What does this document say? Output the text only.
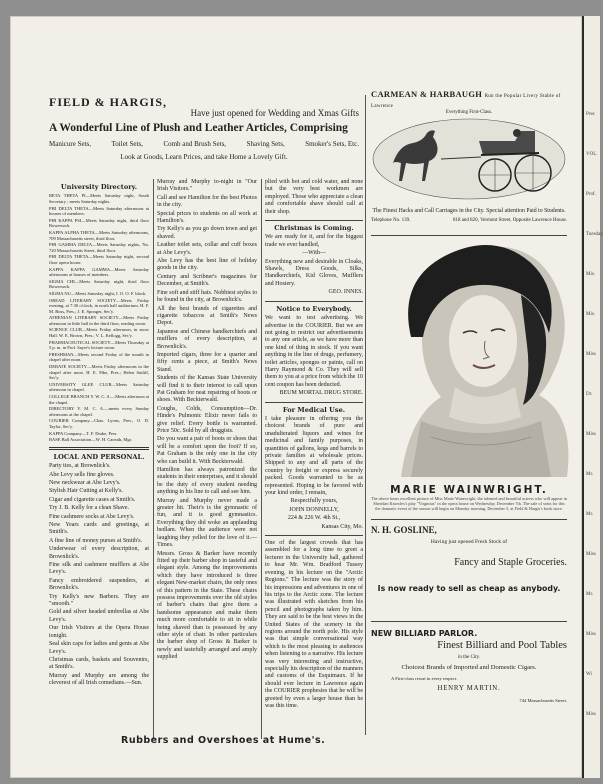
FIELD & HARGIS,
Have just opened for Wedding and Xmas Gifts
A Wonderful Line of Plush and Leather Articles, Comprising
Manicure Sets,	Toilet Sets,	Comb and Brush Sets,	Shaving Sets,	Smoker's Sets, Etc.
Look at Goods, Learn Prices, and take Home a Lovely Gift.
University Directory.

BETA THETA PI—Meets Saturday night, South Secretary ; meets Saturday nights.

PHI DELTA THETA—Meets Saturday afternoons at houses of members.

PHI KAPPA PSI—Meets Saturday night, third floor Bowersock.

KAPPA ALPHA THETA—Meets Saturday afternoons, 709 Massachusetts street, third floor.

PHI GAMMA DELTA—Meets Saturday nights, No. 720 Massachusetts Street, third floor.

PHI DELTA THETA—Meets Saturday night, second floor opera house.

KAPPA KAPPA GAMMA—Meets Saturday afternoons at houses of members.

SIGMA CHI—Meets Saturday night, third floor Bowersock.

SIGMA NU—Meets Saturday night, I. O. O. F. block.

OREAD LITERARY SOCIETY—Meets Friday evening, at 7:30 o'clock, in north hall auditorium. H. F. M. Boss, Pres.; J. E. Sponger, Sec'y.

ATHENIAN LITERARY SOCIETY—Meets Friday afternoon in little hall in the third floor, reading room.

SCIENCE CLUB—Meets Friday afternoon, in snow Hall. W. E. Brown, Pres.; V. L. Kellogg, Sec'y.

PHARMACEUTICAL SOCIETY—Meets Thursday at 5 p. m. in Prof. Sayre's lecture room.

FRESHMAN—Meets second Friday of the month in chapel after noon.

DEBATE SOCIETY—Meets Friday afternoons in the chapel after noon. H. E. Pike, Pres.; Helen Sutliff, Sec'y.

UNIVERSITY GLEE CLUB—Meets Saturday afternoon in chapel.

COLLEGE BRANCH Y. W. C. A.—Meets afternoon at the chapel.

DIRECTORY Y. M. C. A.—meets every Sunday afternoons at the chapel.

COURIER Company—Chas. Lyons, Pres.; O. D. Taylor, Sec'y.

KAPPA Company—T. F. Drake, Pres.

BASE Ball Association—W. H. Carruth, Mgr.

LOCAL AND PERSONAL.

Party ties, at Brownlick's.

Abe Levy sells fine gloves.

New neckwear at Abe Levy's.

Stylish Hair Cutting at Kelly's.

Cigar and cigarette cases at Smith's.

Try J. B. Kelly for a clean Shave.

Fine cashmere socks at Abe Levy's.

New Years cards and greetings, at Smith's.

A fine line of money purses at Smith's.

Underwear of every description, at Brownlick's.

Fine silk and cashmere mufflers at Abe Levy's.

Fancy embroidered suspenders, at Brownlick's.

Try Kelly's new Barbers. They are "smooth."

Gold and silver headed umbrellas at Abe Levy's.

Our Irish Visitors at the Opera House tonight.

Seal skin caps for ladies and gents at Abe Levy's.

Christmas cards, baskets and Souvenirs, at Smith's.

Murray and Murphy are among the cleverest of all Irish comedians.—Sun.

Murray and Murphy to-night in "Our Irish Visitors."

Call and see Hamilton for the best Photos in the city.

Special prices to students on all work at Hamilton's.

Try Kelly's as you go down town and get shaved.

Leather toilet sets, collar and cuff boxes at Abe Levy's.

Abe Levy has the best line of holiday goods in the city.

Century and Scribner's magazines for December, at Smith's.

Fine soft and stiff hats. Nobbiest styles to be found in the city, at Brownlick's.

All the best brands of cigarettes and cigarette tobaccos at Smith's News Depot.

Japanese and Chinese handkerchiefs and mufflers of every description, at Brownlick's.

Imported cigars, three for a quarter and fifty cents a piece, at Smith's News Stand.

Students of the Kansas State University will find it to their interest to call upon Pat Graham for neat repairing of boots or shoes. With Beckterwald.

Coughs, Colds, Consumption—Dr. Hinde's Pulmonic Elixir never fails to give relief. Every bottle is warranted. Price 50c. Sold by all druggists.

Do you want a pair of boots or shoes that will be a comfort upon the foot? If so, Pat Graham is the only one in the city who can build it. With Beckterwald.

Hamilton has always patronized the students in their enterprises, and it should be the duty of every student needing anything in his line to call and see him.

Murray and Murphy never made a greater hit. Their's is the gymnastic of fun, and it is good gymnastics. Everything they did woke an applauding bedlam. When the audience were not laughing they yelled for the love of it.—Times.

Messrs. Gross & Barker have recently fitted up their barber shop in tasteful and elegant style. Among the improvements which they have introduced is three elegant New-market chairs, the only ones of this pattern in the State. These chairs possess improvements over the old styles of barber's chairs that give them a handsome appearance and make them much more comfortable to sit in while being shaved than is possessed by any other style of chair. In other particulars the barber shop of Gross & Barker is newly and tastefully arranged and amply supplied

plied with hot and cold water, and none but the very best workmen are employed. Those who appreciate a clean and comfortable shave should call at their shop.

Christmas is Coming.

We are ready for it, and for the biggest trade we ever handled,

—With—

Everything new and desirable in Cloaks, Shawls, Dress Goods, Silks, Handkerchiefs, Kid Gloves, Mufflers and Hosiery.

GEO. INNES.

Notice to Everybody.

We want to test advertising. We advertise in the COURIER. But we are not going to restrict our advertisements to any one article, as we have more than one kind of thing in stock. If you want anything in the line of drugs, perfumery, toilet articles, sponges or paints, call on Harry Raymond & Co. They will sell them to you at a price from which the 10 cent coupon has been deducted.

BEUM MORTAL DRUG STORE.

For Medical Use.

I take pleasure in offering you the choicest brands of pure and unadulterated liquors and wines for medicinal and family purposes, in quantities of gallons, kegs and barrels to private families at wholesale prices. Shipped to any and all parts of the country by freight or express securely packed. Goods warranted to be as represented. Hoping to be favored with your kind order, I remain,

Respectfully yours,

JOHN DONNELLY,

224 & 226 W. 4th St.,

Kansas City, Mo.

One of the largest crowds that has assembled for a long time to greet a lecturer in the University hall, gathered to hear Mr. Wm. Bradford Tussey evening, in his lecture on the "Arctic Regions." The lecture was the story of his impressions and adventures in one of his trips to the Arctic zone. The lecture was illustrated with sketches from his pencil and photographs taken by him. They are said to be the best views in the United States of the scenery in the regions around the north pole. His style was that simple conversational way which is the most pleasing to audiences when listening to a narrative. His lecture was very interesting and instructive, especially his description of the manners and customs of the Esquimaux. If he should ever lecture in Lawrence again the COURIER prophesies that he will be greeted by even a larger house than he was this time.

CARMEAN & HARBAUGH Run the Popular Livery Stable of Lawrence
Everything First-Class.
The Finest Hacks and Call Carriages in the City. Special attention Paid to Students.
Telephone No. 139.	818 and 820, Vermont Street, Opposite Lawrence House.
MARIE WAINWRIGHT.
The above bears excellent picture of Miss Marie Wainwright, the talented and beautiful actress who will appear in Sheridan Knowles's play "Virginius" in the opera house on Wednesday, December 7th. The sale of seats for this the dramatic event of the season will begin on Monday morning, December 5, at Field & Hargis's book store.
N. H. GOSLINE,
Having just opened Fresh Stock of
Fancy and Staple Groceries.
Is now ready to sell as cheap as anybody.
NEW BILLIARD PARLOR.
Finest Billiard and Pool Tables
in the City.
Choicest Brands of Imported and Domestic Cigars.
A First-class resort in every respect.
HENRY MARTIN.
744 Massachusetts Street.
Rubbers and Overshoes at Hume's.
Pres
VOL.
Prof.
Tuesday
Mis.
Mis.
Miss
Dr.
Miss
Mr.
Mr.
Miss
Mr.
Miss
Wi
Miss
